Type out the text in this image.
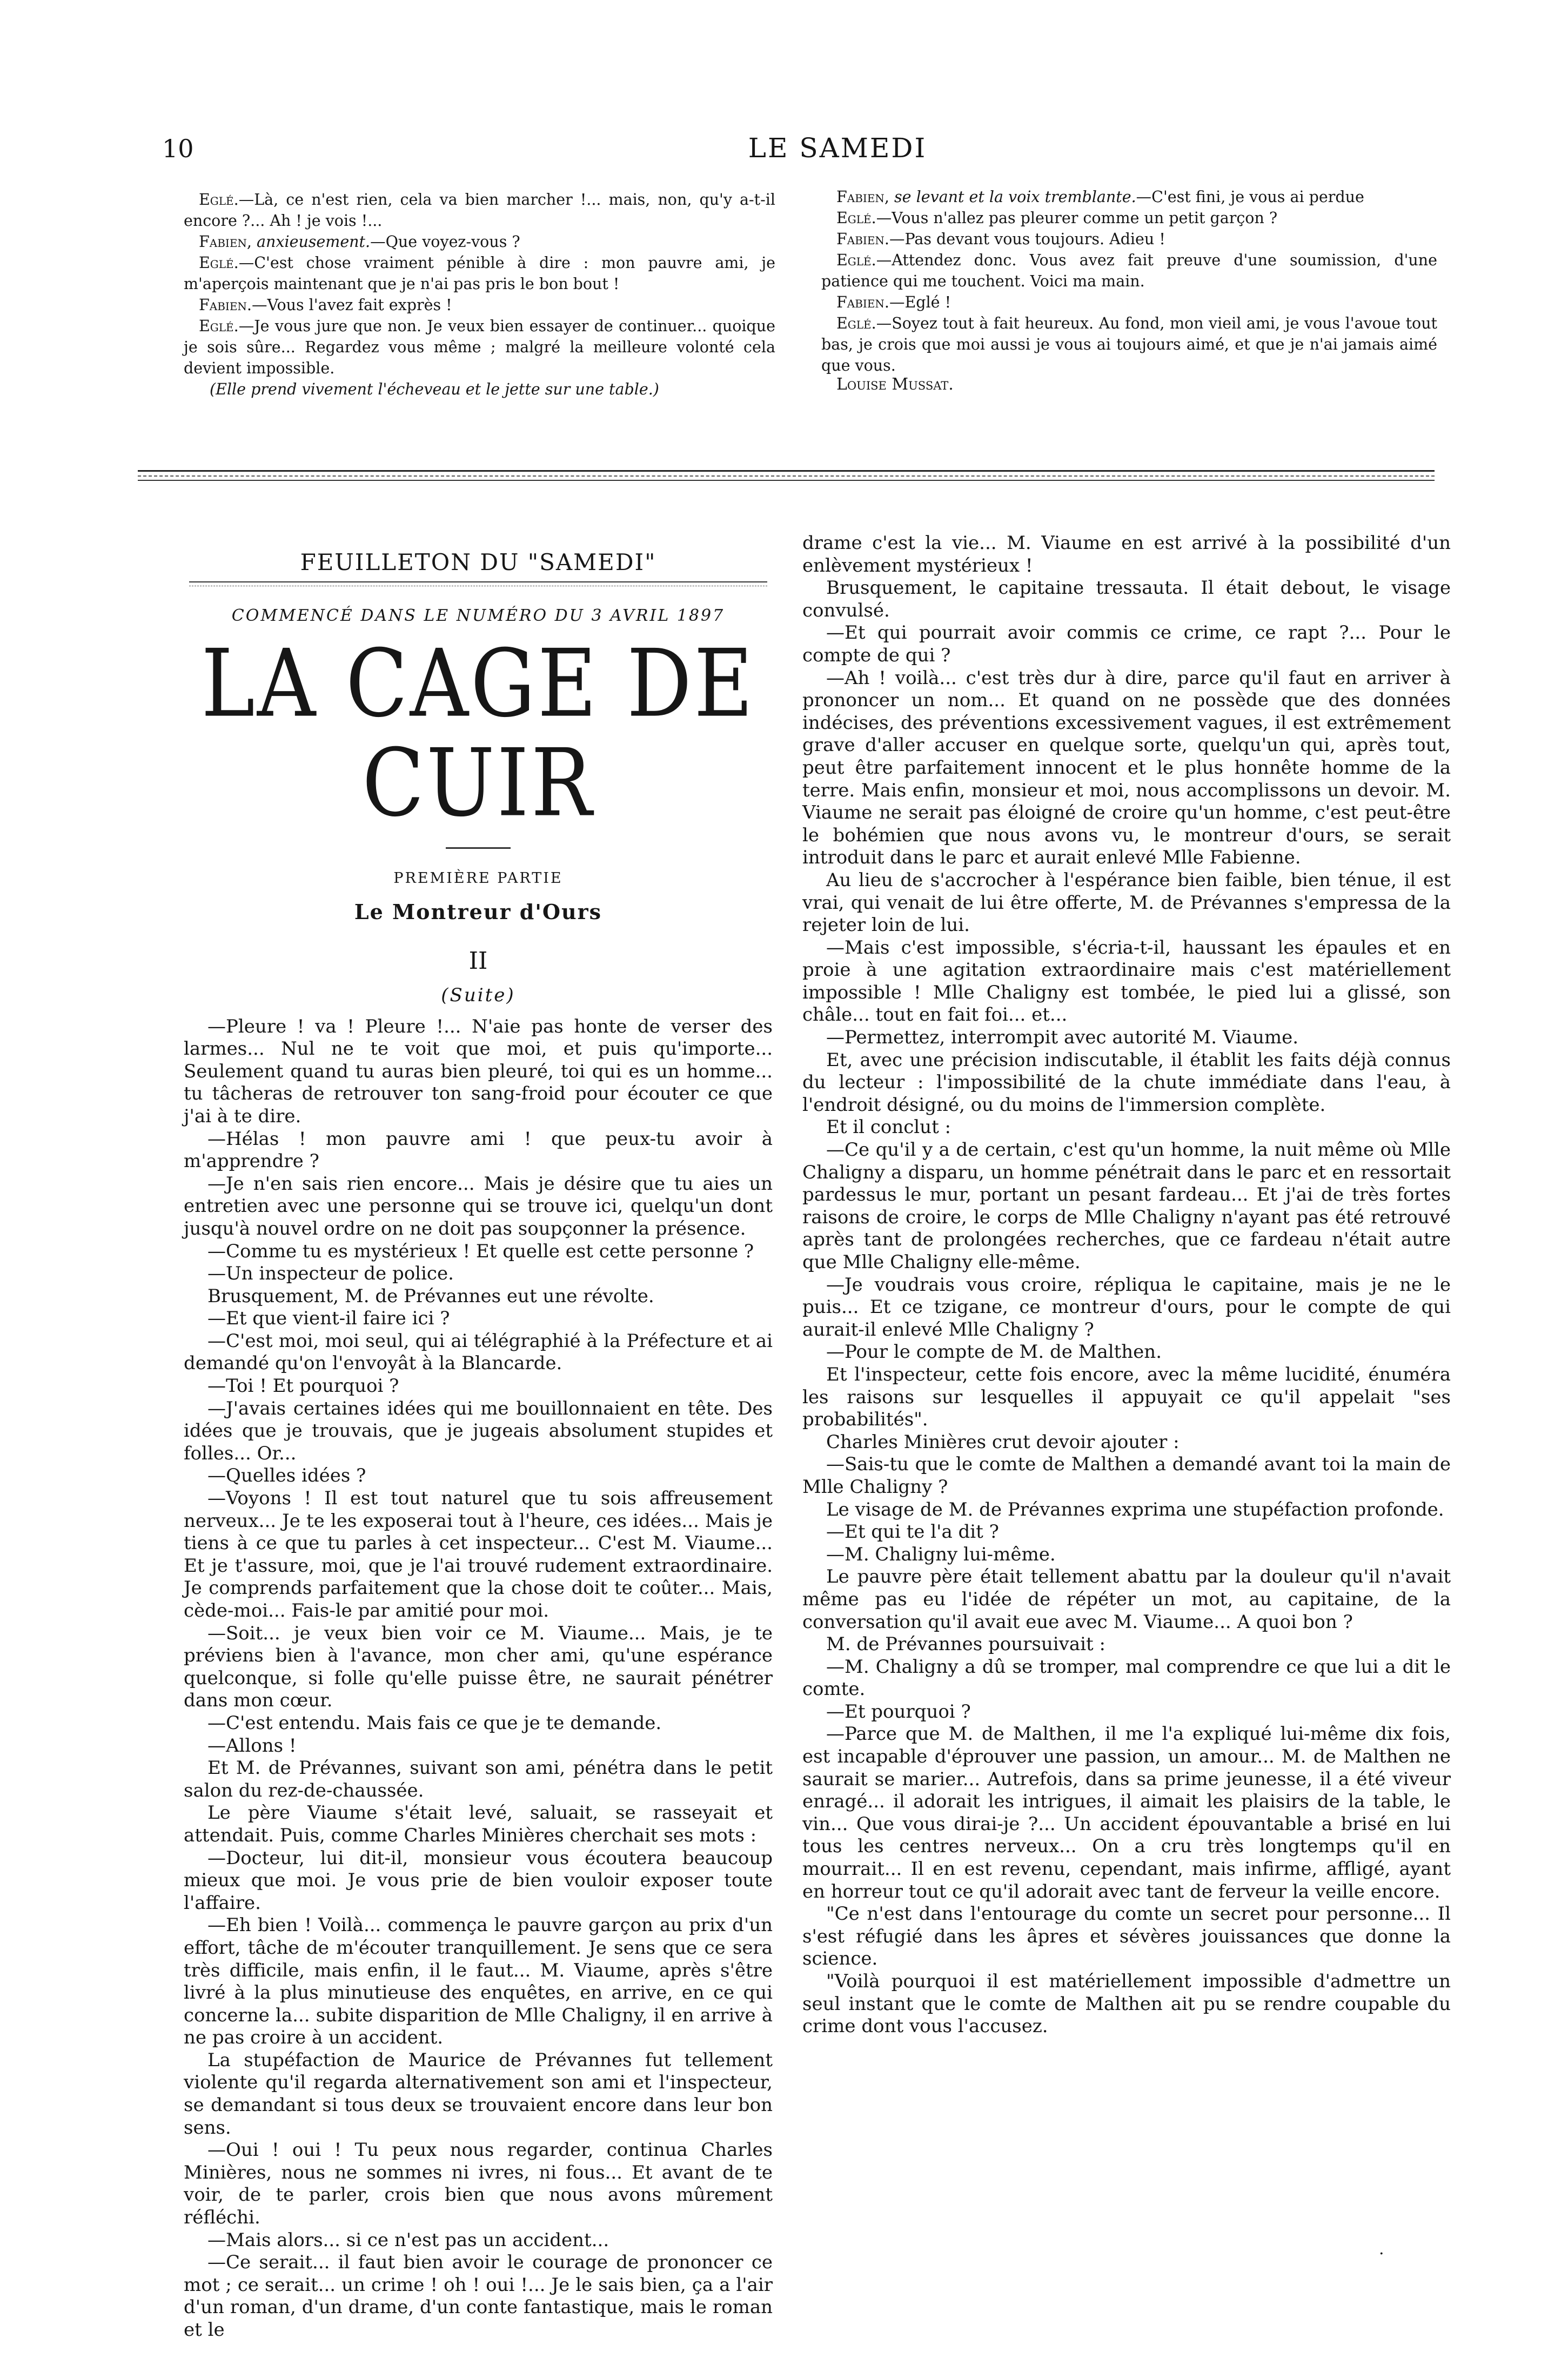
10	LE SAMEDI

Eglé.—Là, ce n'est rien, cela va bien marcher !... mais, non, qu'y a-t-il encore ?... Ah ! je vois !...

Fabien, anxieusement.—Que voyez-vous ?

Eglé.—C'est chose vraiment pénible à dire : mon pauvre ami, je m'aperçois maintenant que je n'ai pas pris le bon bout !

Fabien.—Vous l'avez fait exprès !

Eglé.—Je vous jure que non. Je veux bien essayer de continuer... quoique je sois sûre... Regardez vous même ; malgré la meilleure volonté cela devient impossible.

(Elle prend vivement l'écheveau et le jette sur une table.)

Fabien, se levant et la voix tremblante.—C'est fini, je vous ai perdue

Eglé.—Vous n'allez pas pleurer comme un petit garçon ?

Fabien.—Pas devant vous toujours. Adieu !

Eglé.—Attendez donc. Vous avez fait preuve d'une soumission, d'une patience qui me touchent. Voici ma main.

Fabien.—Eglé !

Eglé.—Soyez tout à fait heureux. Au fond, mon vieil ami, je vous l'avoue tout bas, je crois que moi aussi je vous ai toujours aimé, et que je n'ai jamais aimé que vous.

Louise Mussat.

FEUILLETON DU "SAMEDI"
COMMENCÉ DANS LE NUMÉRO DU 3 AVRIL 1897
LA CAGE DE CUIR
PREMIÈRE PARTIE
Le Montreur d'Ours
II
(Suite)

—Pleure ! va ! Pleure !... N'aie pas honte de verser des larmes... Nul ne te voit que moi, et puis qu'importe... Seulement quand tu auras bien pleuré, toi qui es un homme... tu tâcheras de retrouver ton sang-froid pour écouter ce que j'ai à te dire.

—Hélas ! mon pauvre ami ! que peux-tu avoir à m'apprendre ?

—Je n'en sais rien encore... Mais je désire que tu aies un entretien avec une personne qui se trouve ici, quelqu'un dont jusqu'à nouvel ordre on ne doit pas soupçonner la présence.

—Comme tu es mystérieux ! Et quelle est cette personne ?

—Un inspecteur de police.

Brusquement, M. de Prévannes eut une révolte.

—Et que vient-il faire ici ?

—C'est moi, moi seul, qui ai télégraphié à la Préfecture et ai demandé qu'on l'envoyât à la Blancarde.

—Toi ! Et pourquoi ?

—J'avais certaines idées qui me bouillonnaient en tête. Des idées que je trouvais, que je jugeais absolument stupides et folles... Or...

—Quelles idées ?

—Voyons ! Il est tout naturel que tu sois affreusement nerveux... Je te les exposerai tout à l'heure, ces idées... Mais je tiens à ce que tu parles à cet inspecteur... C'est M. Viaume... Et je t'assure, moi, que je l'ai trouvé rudement extraordinaire. Je comprends parfaitement que la chose doit te coûter... Mais, cède-moi... Fais-le par amitié pour moi.

—Soit... je veux bien voir ce M. Viaume... Mais, je te préviens bien à l'avance, mon cher ami, qu'une espérance quelconque, si folle qu'elle puisse être, ne saurait pénétrer dans mon cœur.

—C'est entendu. Mais fais ce que je te demande.

—Allons !

Et M. de Prévannes, suivant son ami, pénétra dans le petit salon du rez-de-chaussée.

Le père Viaume s'était levé, saluait, se rasseyait et attendait. Puis, comme Charles Minières cherchait ses mots :

—Docteur, lui dit-il, monsieur vous écoutera beaucoup mieux que moi. Je vous prie de bien vouloir exposer toute l'affaire.

—Eh bien ! Voilà... commença le pauvre garçon au prix d'un effort, tâche de m'écouter tranquillement. Je sens que ce sera très difficile, mais enfin, il le faut... M. Viaume, après s'être livré à la plus minutieuse des enquêtes, en arrive, en ce qui concerne la... subite disparition de Mlle Chaligny, il en arrive à ne pas croire à un accident.

La stupéfaction de Maurice de Prévannes fut tellement violente qu'il regarda alternativement son ami et l'inspecteur, se demandant si tous deux se trouvaient encore dans leur bon sens.

—Oui ! oui ! Tu peux nous regarder, continua Charles Minières, nous ne sommes ni ivres, ni fous... Et avant de te voir, de te parler, crois bien que nous avons mûrement réfléchi.

—Mais alors... si ce n'est pas un accident...

—Ce serait... il faut bien avoir le courage de prononcer ce mot ; ce serait... un crime ! oh ! oui !... Je le sais bien, ça a l'air d'un roman, d'un drame, d'un conte fantastique, mais le roman et le

drame c'est la vie... M. Viaume en est arrivé à la possibilité d'un enlèvement mystérieux !

Brusquement, le capitaine tressauta. Il était debout, le visage convulsé.

—Et qui pourrait avoir commis ce crime, ce rapt ?... Pour le compte de qui ?

—Ah ! voilà... c'est très dur à dire, parce qu'il faut en arriver à prononcer un nom... Et quand on ne possède que des données indécises, des préventions excessivement vagues, il est extrêmement grave d'aller accuser en quelque sorte, quelqu'un qui, après tout, peut être parfaitement innocent et le plus honnête homme de la terre. Mais enfin, monsieur et moi, nous accomplissons un devoir. M. Viaume ne serait pas éloigné de croire qu'un homme, c'est peut-être le bohémien que nous avons vu, le montreur d'ours, se serait introduit dans le parc et aurait enlevé Mlle Fabienne.

Au lieu de s'accrocher à l'espérance bien faible, bien ténue, il est vrai, qui venait de lui être offerte, M. de Prévannes s'empressa de la rejeter loin de lui.

—Mais c'est impossible, s'écria-t-il, haussant les épaules et en proie à une agitation extraordinaire mais c'est matériellement impossible ! Mlle Chaligny est tombée, le pied lui a glissé, son châle... tout en fait foi... et...

—Permettez, interrompit avec autorité M. Viaume.

Et, avec une précision indiscutable, il établit les faits déjà connus du lecteur : l'impossibilité de la chute immédiate dans l'eau, à l'endroit désigné, ou du moins de l'immersion complète.

Et il conclut :

—Ce qu'il y a de certain, c'est qu'un homme, la nuit même où Mlle Chaligny a disparu, un homme pénétrait dans le parc et en ressortait pardessus le mur, portant un pesant fardeau... Et j'ai de très fortes raisons de croire, le corps de Mlle Chaligny n'ayant pas été retrouvé après tant de prolongées recherches, que ce fardeau n'était autre que Mlle Chaligny elle-même.

—Je voudrais vous croire, répliqua le capitaine, mais je ne le puis... Et ce tzigane, ce montreur d'ours, pour le compte de qui aurait-il enlevé Mlle Chaligny ?

—Pour le compte de M. de Malthen.

Et l'inspecteur, cette fois encore, avec la même lucidité, énuméra les raisons sur lesquelles il appuyait ce qu'il appelait "ses probabilités".

Charles Minières crut devoir ajouter :

—Sais-tu que le comte de Malthen a demandé avant toi la main de Mlle Chaligny ?

Le visage de M. de Prévannes exprima une stupéfaction profonde.

—Et qui te l'a dit ?

—M. Chaligny lui-même.

Le pauvre père était tellement abattu par la douleur qu'il n'avait même pas eu l'idée de répéter un mot, au capitaine, de la conversation qu'il avait eue avec M. Viaume... A quoi bon ?

M. de Prévannes poursuivait :

—M. Chaligny a dû se tromper, mal comprendre ce que lui a dit le comte.

—Et pourquoi ?

—Parce que M. de Malthen, il me l'a expliqué lui-même dix fois, est incapable d'éprouver une passion, un amour... M. de Malthen ne saurait se marier... Autrefois, dans sa prime jeunesse, il a été viveur enragé... il adorait les intrigues, il aimait les plaisirs de la table, le vin... Que vous dirai-je ?... Un accident épouvantable a brisé en lui tous les centres nerveux... On a cru très longtemps qu'il en mourrait... Il en est revenu, cependant, mais infirme, affligé, ayant en horreur tout ce qu'il adorait avec tant de ferveur la veille encore.

"Ce n'est dans l'entourage du comte un secret pour personne... Il s'est réfugié dans les âpres et sévères jouissances que donne la science.

"Voilà pourquoi il est matériellement impossible d'admettre un seul instant que le comte de Malthen ait pu se rendre coupable du crime dont vous l'accusez.

.
